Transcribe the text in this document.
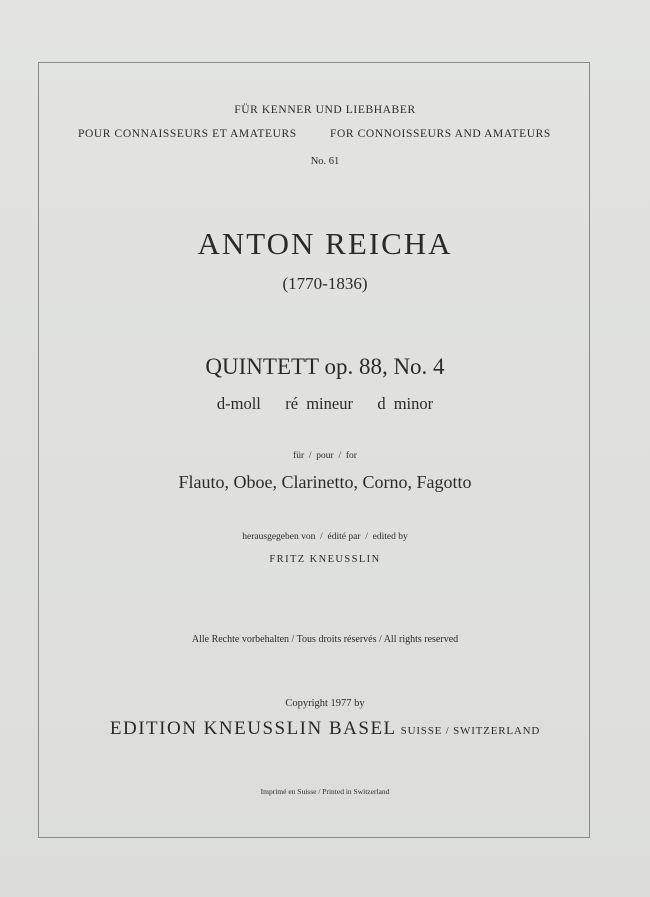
FÜR KENNER UND LIEBHABER
POUR CONNAISSEURS ET AMATEURS	FOR CONNOISSEURS AND AMATEURS
No. 61
ANTON REICHA
(1770-1836)
QUINTETT op. 88, No. 4
d-moll   ré mineur   d minor
für  /  pour  /  for
Flauto, Oboe, Clarinetto, Corno, Fagotto
herausgegeben von  /  édité par  /  edited by
FRITZ KNEUSSLIN
Alle Rechte vorbehalten / Tous droits réservés / All rights reserved
Copyright 1977 by
EDITION KNEUSSLIN BASEL SUISSE / SWITZERLAND
Imprimé en Suisse / Printed in Switzerland
